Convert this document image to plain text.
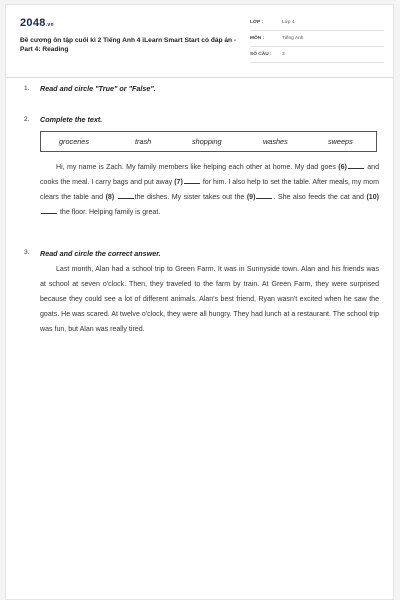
2048.vn
Đề cương ôn tập cuối kì 2 Tiếng Anh 4 iLearn Smart Start có đáp án - Part 4: Reading
LỚP :	Lớp 4
MÔN :	Tiếng Anh
SỐ CÂU : 3
1. Read and circle "True" or "False".
2. Complete the text.
groceries	trash	shopping	washes	sweeps
Hi, my name is Zach. My family members like helping each other at home. My dad goes (6)	and cooks the meal. I carry bags and put away (7)	for him. I also help to set the table. After meals, my mom clears the table and (8)	the dishes. My sister takes out the (9)	. She also feeds the cat and (10)  the floor. Helping family is great.
3. Read and circle the correct answer.
Last month, Alan had a school trip to Green Farm. It was in Sunnyside town. Alan and his friends was at school at seven o'clock. Then, they traveled to the farm by train. At Green Farm, they were surprised because they could see a lot of different animals. Alan's best friend, Ryan wasn't excited when he saw the goats. He was scared. At twelve o'clock, they were all hungry. They had lunch at a restaurant. The school trip was fun, but Alan was really tired.
